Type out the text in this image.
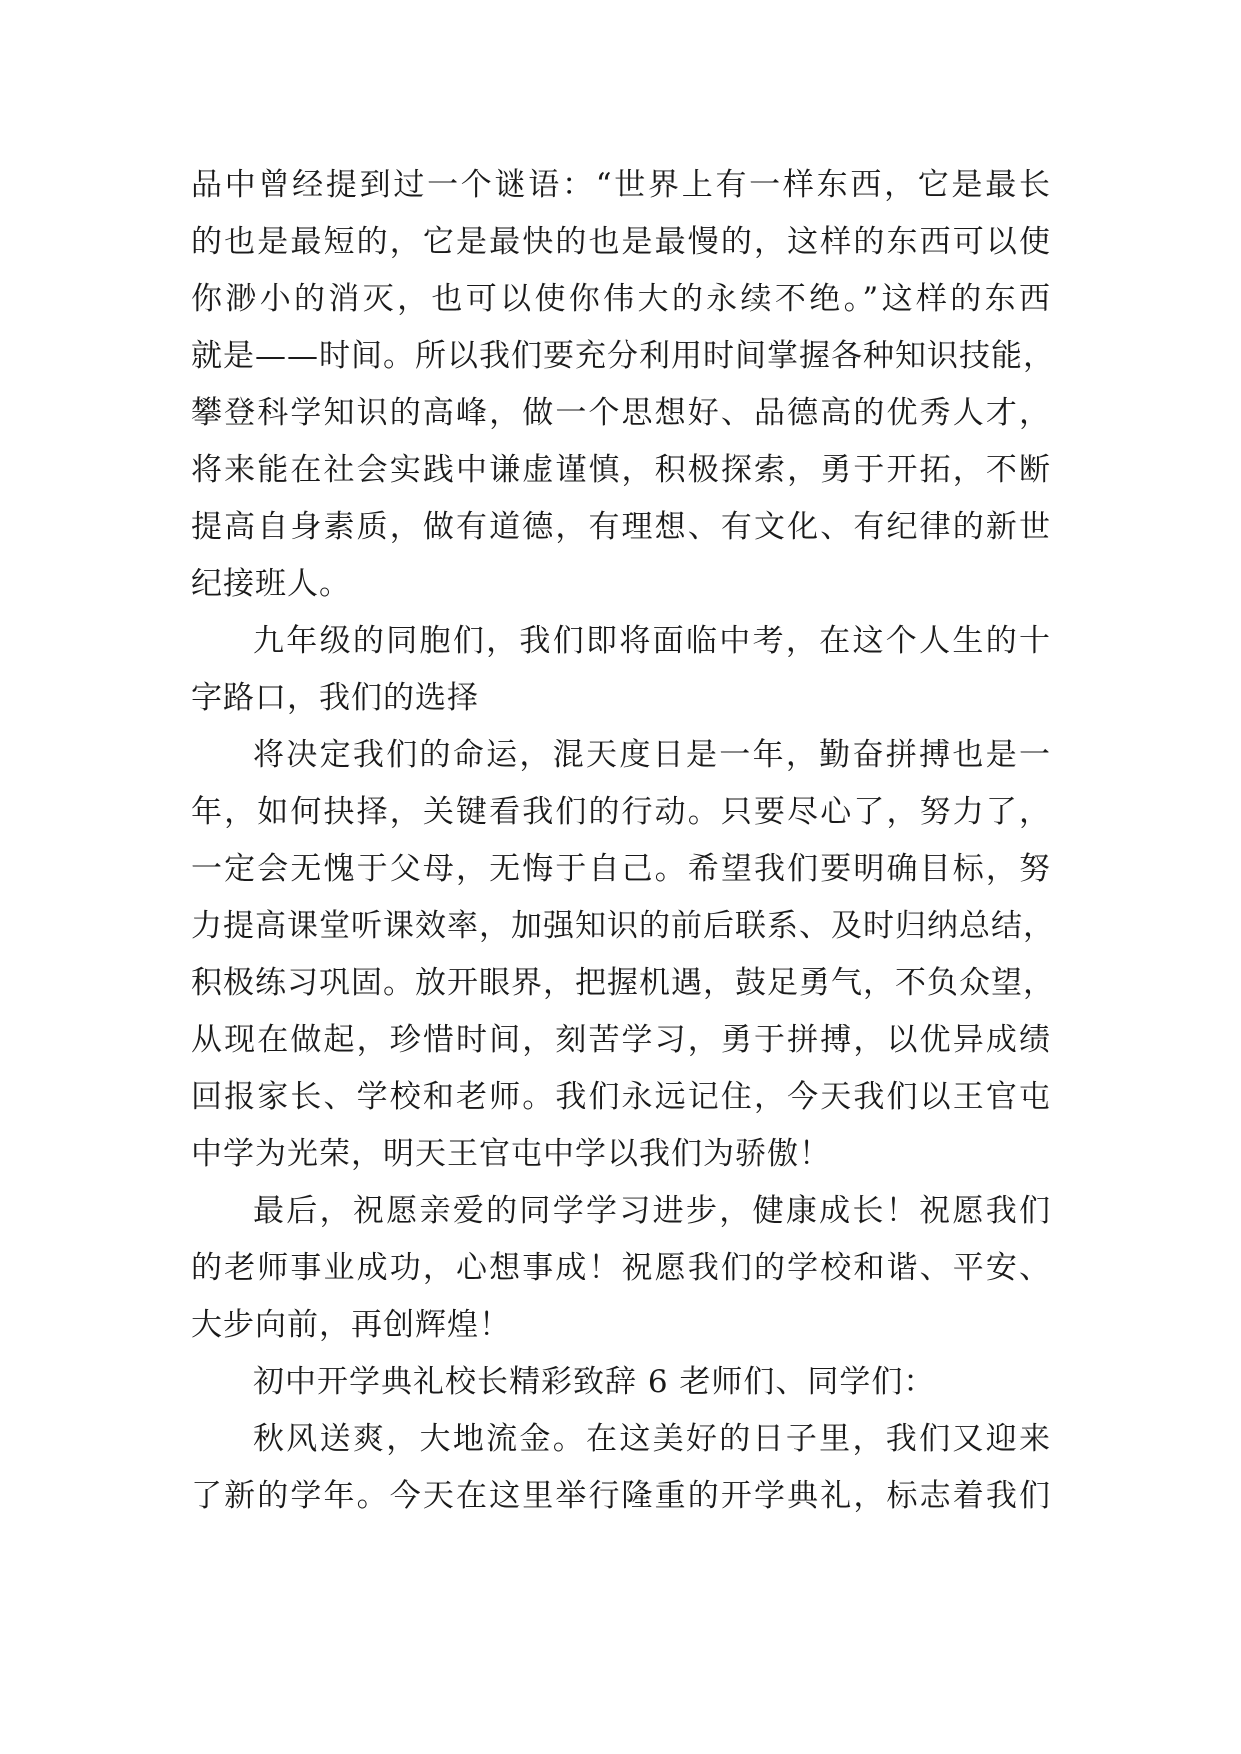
品中曾经提到过一个谜语：“世界上有一样东西，它是最长
的也是最短的，它是最快的也是最慢的，这样的东西可以使
你渺小的消灭，也可以使你伟大的永续不绝。”这样的东西
就是——时间。所以我们要充分利用时间掌握各种知识技能，
攀登科学知识的高峰，做一个思想好、品德高的优秀人才，
将来能在社会实践中谦虚谨慎，积极探索，勇于开拓，不断
提高自身素质，做有道德，有理想、有文化、有纪律的新世
纪接班人。
九年级的同胞们，我们即将面临中考，在这个人生的十
字路口，我们的选择
将决定我们的命运，混天度日是一年，勤奋拼搏也是一
年，如何抉择，关键看我们的行动。只要尽心了，努力了，
一定会无愧于父母，无悔于自己。希望我们要明确目标，努
力提高课堂听课效率，加强知识的前后联系、及时归纳总结，
积极练习巩固。放开眼界，把握机遇，鼓足勇气，不负众望，
从现在做起，珍惜时间，刻苦学习，勇于拼搏，以优异成绩
回报家长、学校和老师。我们永远记住，今天我们以王官屯
中学为光荣，明天王官屯中学以我们为骄傲！
最后，祝愿亲爱的同学学习进步，健康成长！祝愿我们
的老师事业成功，心想事成！祝愿我们的学校和谐、平安、
大步向前，再创辉煌！
初中开学典礼校长精彩致辞 6 老师们、同学们：
秋风送爽，大地流金。在这美好的日子里，我们又迎来
了新的学年。今天在这里举行隆重的开学典礼，标志着我们
